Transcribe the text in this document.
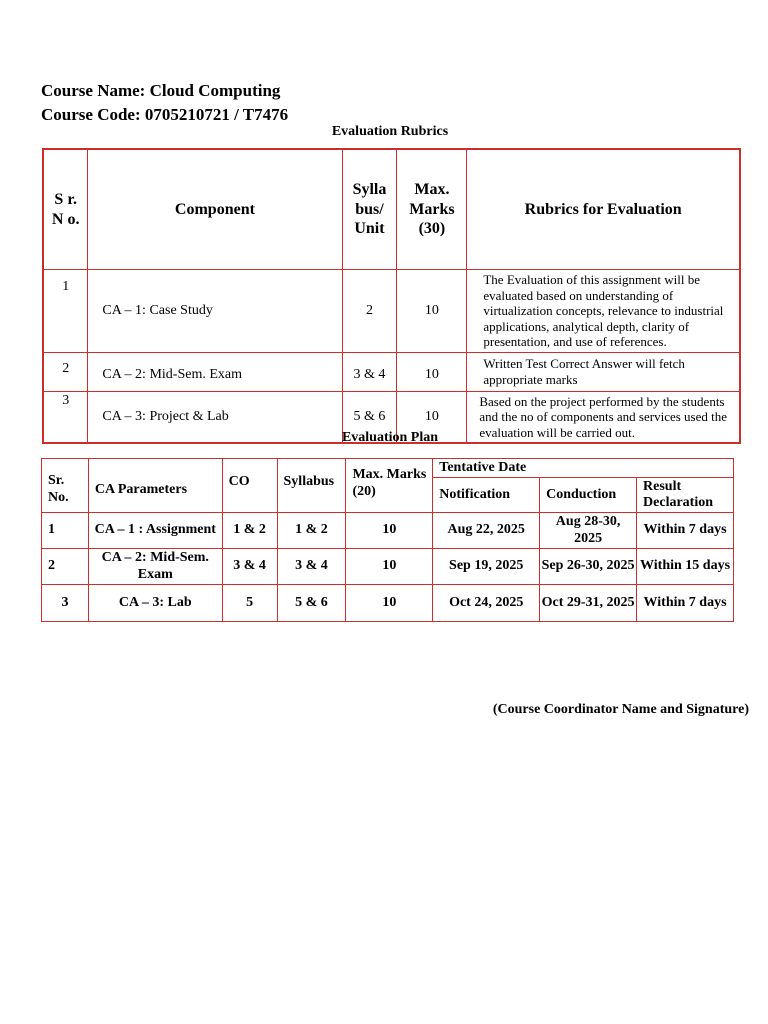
Course Name: Cloud Computing
Course Code: 0705210721 / T7476
Evaluation Rubrics
S r. N o.	Component	Sylla bus/ Unit	Max. Marks (30)	Rubrics for Evaluation
1	CA – 1: Case Study	2	10	The Evaluation of this assignment will be evaluated based on understanding of virtualization concepts, relevance to industrial applications, analytical depth, clarity of presentation, and use of references.
2	CA – 2: Mid-Sem. Exam	3 & 4	10	Written Test Correct Answer will fetch appropriate marks
3	CA – 3: Project & Lab	5 & 6	10	Based on the project performed by the students and the no of components and services used the evaluation will be carried out.
Evaluation Plan
Sr. No.	CA Parameters	CO	Syllabus	Max. Marks (20)	Tentative Date		
					Notification	Conduction	Result Declaration
1	CA – 1 : Assignment	1 & 2	1 & 2	10	Aug 22, 2025	Aug 28-30, 2025	Within 7 days
2	CA – 2: Mid-Sem. Exam	3 & 4	3 & 4	10	Sep 19, 2025	Sep 26-30, 2025	Within 15 days
3	CA – 3: Lab	5	5 & 6	10	Oct 24, 2025	Oct 29-31, 2025	Within 7 days
(Course Coordinator Name and Signature)
